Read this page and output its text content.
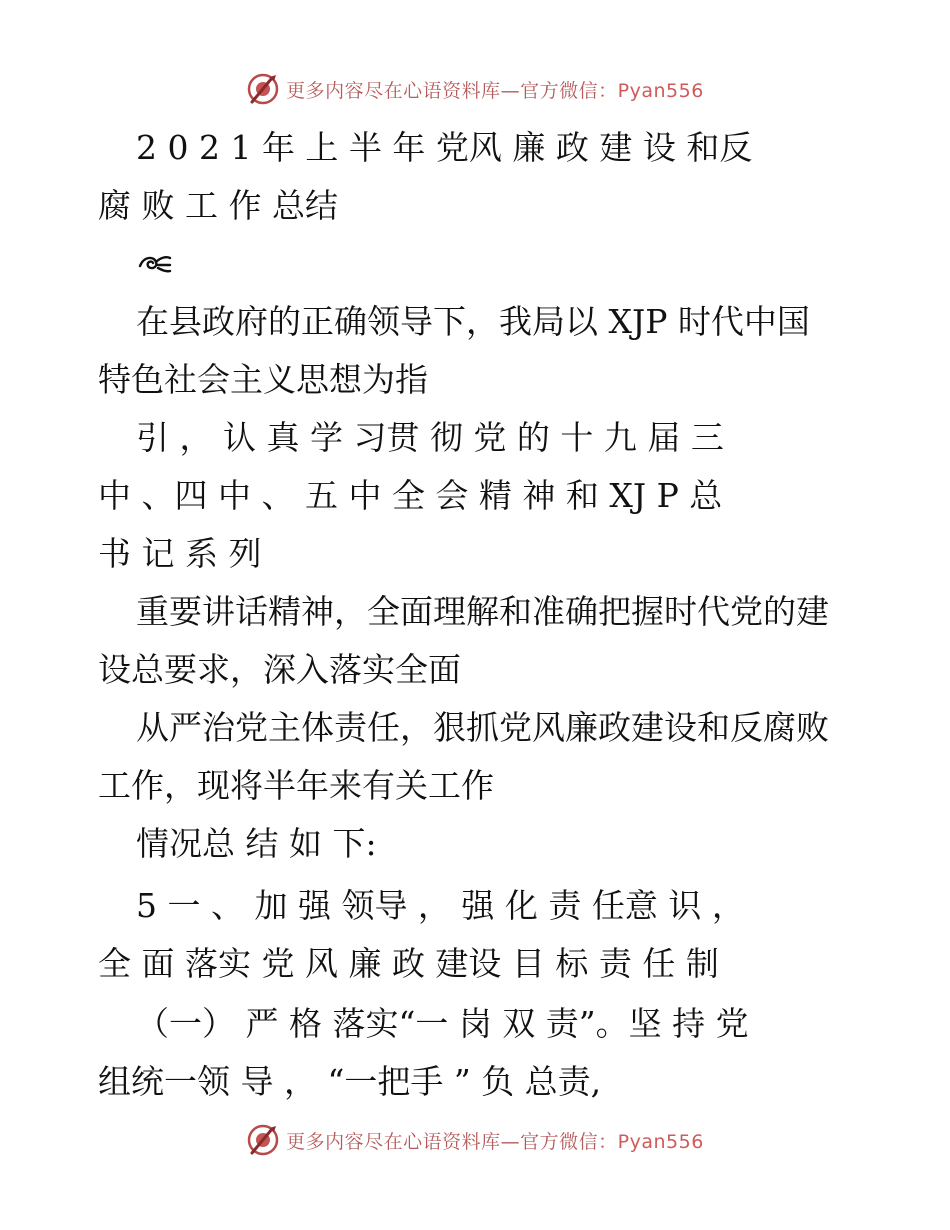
更多内容尽在心语资料库—官方微信：Pyan556
2 0 2 1 年 上 半 年 党风 廉 政 建 设 和反
腐 败 工 作 总结
在县政府的正确领导下，我局以 XJP 时代中国
特色社会主义思想为指
引 ， 认 真 学 习贯 彻 党 的 十 九 届 三
中 、四 中 、 五 中 全 会 精 神 和 XJ P 总
书 记 系 列
重要讲话精神，全面理解和准确把握时代党的建
设总要求，深入落实全面
从严治党主体责任，狠抓党风廉政建设和反腐败
工作，现将半年来有关工作
情况总 结 如 下:
5 一 、 加 强 领导 ， 强 化 责 任意 识 ，
全 面 落实 党 风 廉 政 建设 目 标 责 任 制
（一） 严 格 落实“一 岗 双 责”。坚 持 党
组统一领 导 ， “一把手 ” 负 总责,
更多内容尽在心语资料库—官方微信：Pyan556
